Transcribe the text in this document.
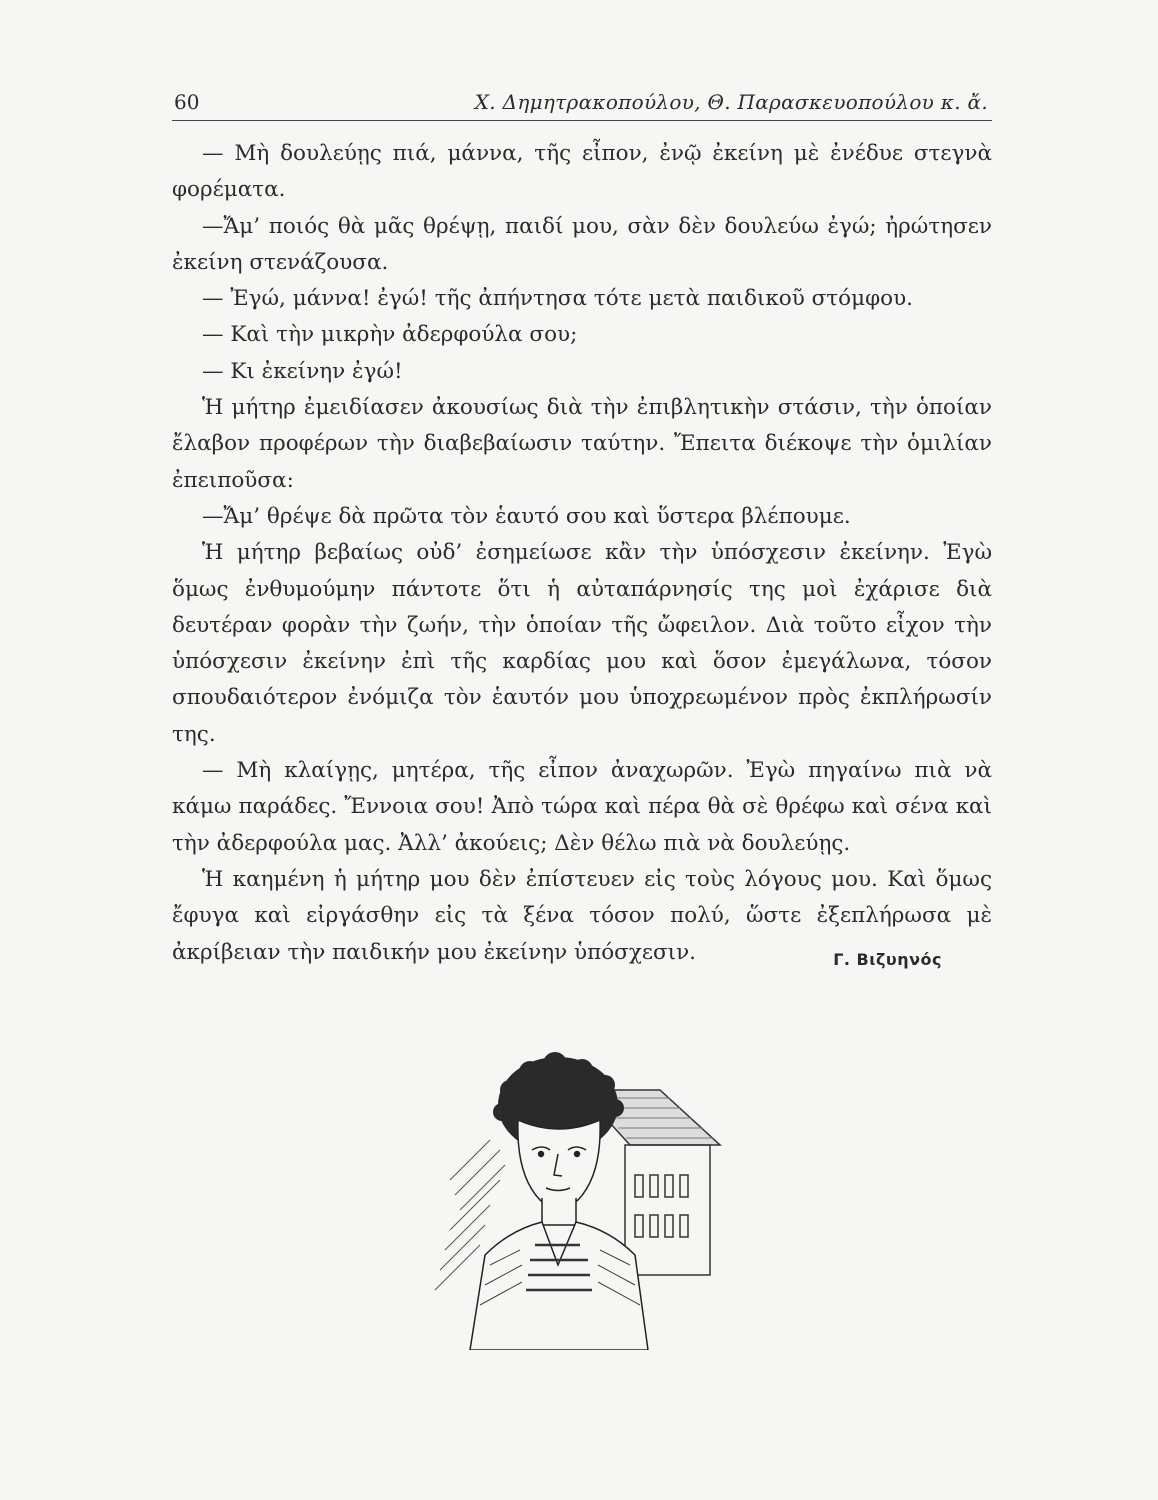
60	Χ. Δημητρακοπούλου, Θ. Παρασκευοπούλου κ. ἄ.

— Μὴ δουλεύῃς πιά, μάννα, τῆς εἶπον, ἐνῷ ἐκείνη μὲ ἐνέδυε στεγνὰ φορέματα.

—Ἄμ’ ποιός θὰ μᾶς θρέψῃ, παιδί μου, σὰν δὲν δουλεύω ἐγώ; ἠρώτησεν ἐκείνη στενάζουσα.

— Ἐγώ, μάννα! ἐγώ! τῆς ἀπήντησα τότε μετὰ παιδικοῦ στόμφου.

— Καὶ τὴν μικρὴν ἀδερφούλα σου;

— Κι ἐκείνην ἐγώ!

Ἡ μήτηρ ἐμειδίασεν ἀκουσίως διὰ τὴν ἐπιβλητικὴν στάσιν, τὴν ὁποίαν ἔλαβον προφέρων τὴν διαβεβαίωσιν ταύτην. Ἔπειτα διέκοψε τὴν ὁμιλίαν ἐπειποῦσα:

—Ἄμ’ θρέψε δὰ πρῶτα τὸν ἑαυτό σου καὶ ὕστερα βλέπουμε.

Ἡ μήτηρ βεβαίως οὐδ’ ἐσημείωσε κἂν τὴν ὑπόσχεσιν ἐκείνην. Ἐγὼ ὅμως ἐνθυμούμην πάντοτε ὅτι ἡ αὐταπάρνησίς της μοὶ ἐχάρισε διὰ δευτέραν φορὰν τὴν ζωήν, τὴν ὁποίαν τῆς ὤφειλον. Διὰ τοῦτο εἶχον τὴν ὑπόσχεσιν ἐκείνην ἐπὶ τῆς καρδίας μου καὶ ὅσον ἐμεγάλωνα, τόσον σπουδαιότερον ἐνόμιζα τὸν ἑαυτόν μου ὑποχρεωμένον πρὸς ἐκπλήρωσίν της.

— Μὴ κλαίγῃς, μητέρα, τῆς εἶπον ἀναχωρῶν. Ἐγὼ πηγαίνω πιὰ νὰ κάμω παράδες. Ἔννοια σου! Ἀπὸ τώρα καὶ πέρα θὰ σὲ θρέφω καὶ σένα καὶ τὴν ἀδερφούλα μας. Ἀλλ’ ἀκούεις; Δὲν θέλω πιὰ νὰ δουλεύῃς.

Ἡ καημένη ἡ μήτηρ μου δὲν ἐπίστευεν εἰς τοὺς λόγους μου. Καὶ ὅμως ἔφυγα καὶ εἰργάσθην εἰς τὰ ξένα τόσον πολύ, ὥστε ἐξεπλήρωσα μὲ ἀκρίβειαν τὴν παιδικήν μου ἐκείνην ὑπόσχεσιν.	Γ. Βιζυηνός
